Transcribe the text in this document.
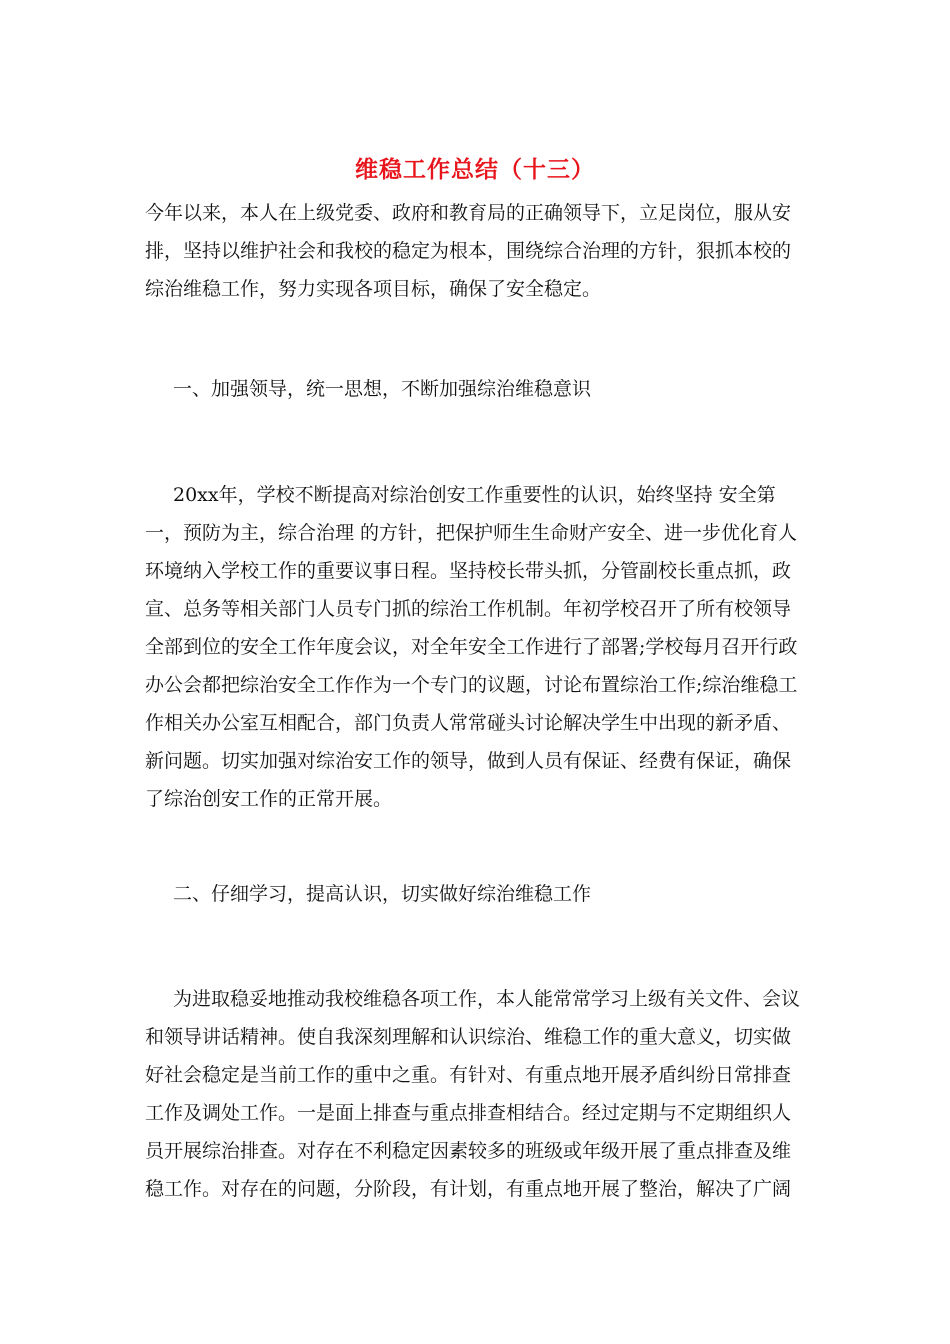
维稳工作总结（十三）

今年以来，本人在上级党委、政府和教育局的正确领导下，立足岗位，服从安排，坚持以维护社会和我校的稳定为根本，围绕综合治理的方针，狠抓本校的综治维稳工作，努力实现各项目标，确保了安全稳定。

一、加强领导，统一思想，不断加强综治维稳意识

20xx年，学校不断提高对综治创安工作重要性的认识，始终坚持 安全第一，预防为主，综合治理 的方针，把保护师生生命财产安全、进一步优化育人环境纳入学校工作的重要议事日程。坚持校长带头抓，分管副校长重点抓，政宣、总务等相关部门人员专门抓的综治工作机制。年初学校召开了所有校领导全部到位的安全工作年度会议，对全年安全工作进行了部署;学校每月召开行政办公会都把综治安全工作作为一个专门的议题，讨论布置综治工作;综治维稳工作相关办公室互相配合，部门负责人常常碰头讨论解决学生中出现的新矛盾、新问题。切实加强对综治安工作的领导，做到人员有保证、经费有保证，确保了综治创安工作的正常开展。

二、仔细学习，提高认识，切实做好综治维稳工作

为进取稳妥地推动我校维稳各项工作，本人能常常学习上级有关文件、会议和领导讲话精神。使自我深刻理解和认识综治、维稳工作的重大意义，切实做好社会稳定是当前工作的重中之重。有针对、有重点地开展矛盾纠纷日常排查工作及调处工作。一是面上排查与重点排查相结合。经过定期与不定期组织人员开展综治排查。对存在不利稳定因素较多的班级或年级开展了重点排查及维稳工作。对存在的问题，分阶段，有计划，有重点地开展了整治，解决了广阔
